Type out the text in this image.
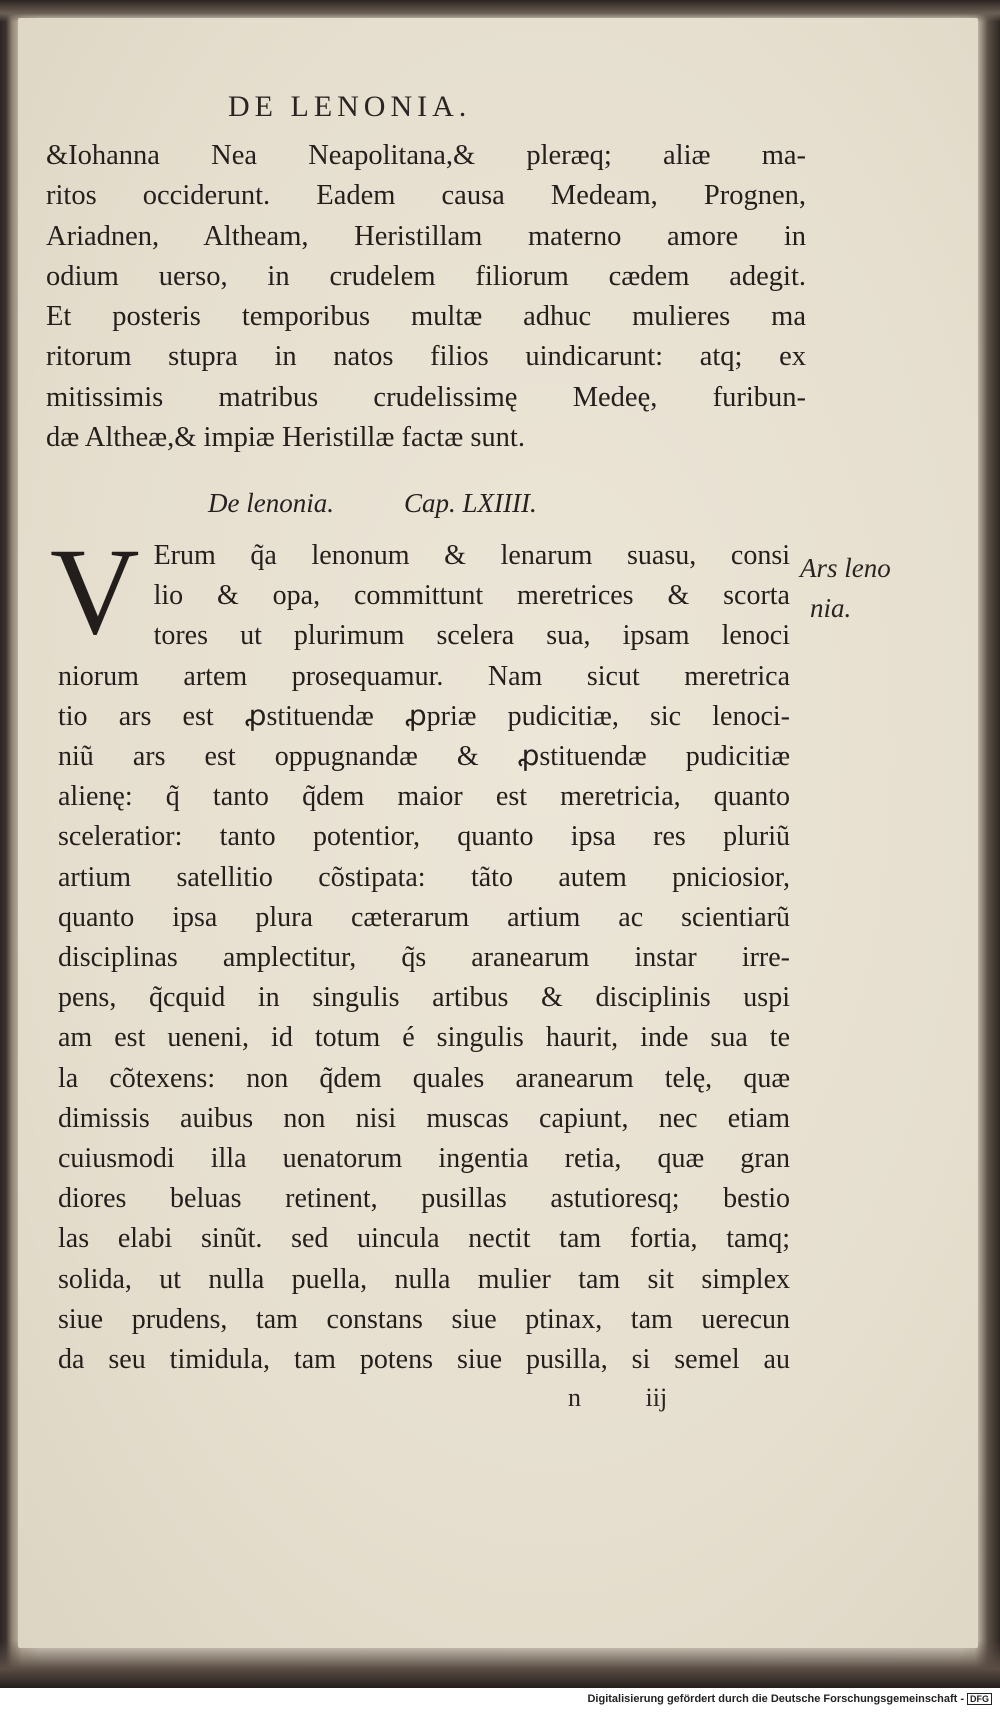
DE LENONIA.
&Iohanna Nea Neapolitana,& pleræq; aliæ ma-
ritos occiderunt. Eadem causa Medeam, Prognen,
Ariadnen, Altheam, Heristillam materno amore in
odium uerso, in crudelem filiorum cædem adegit.
Et posteris temporibus multæ adhuc mulieres ma
ritorum stupra in natos filios uindicarunt: atq; ex
mitissimis matribus crudelissimę Medeę, furibun-
dæ Altheæ,& impiæ Heristillæ factæ sunt.
De lenonia.	Cap. LXIIII.
V Erum q̃a lenonum & lenarum suasu, consi
lio & opa, committunt meretrices & scorta
tores ut plurimum scelera sua, ipsam lenoci
niorum artem prosequamur. Nam sicut meretrica
tio ars est ꝓstituendæ ꝓpriæ pudicitiæ, sic lenoci-
niũ ars est oppugnandæ & ꝓstituendæ pudicitiæ
alienę: q̃ tanto q̃dem maior est meretricia, quanto
sceleratior: tanto potentior, quanto ipsa res pluriũ
artium satellitio cõstipata: tãto autem pniciosior,
quanto ipsa plura cæterarum artium ac scientiarũ
disciplinas amplectitur, q̃s aranearum instar irre-
pens, q̃cquid in singulis artibus & disciplinis uspi
am est ueneni, id totum é singulis haurit, inde sua te
la cõtexens: non q̃dem quales aranearum telę, quæ
dimissis auibus non nisi muscas capiunt, nec etiam
cuiusmodi illa uenatorum ingentia retia, quæ gran
diores beluas retinent, pusillas astutioresq; bestio
las elabi sinũt. sed uincula nectit tam fortia, tamq;
solida, ut nulla puella, nulla mulier tam sit simplex
siue prudens, tam constans siue ptinax, tam uerecun
da seu timidula, tam potens siue pusilla, si semel au
Ars leno
nia.
n iij
Digitalisierung gefördert durch die Deutsche Forschungsgemeinschaft - DFG
